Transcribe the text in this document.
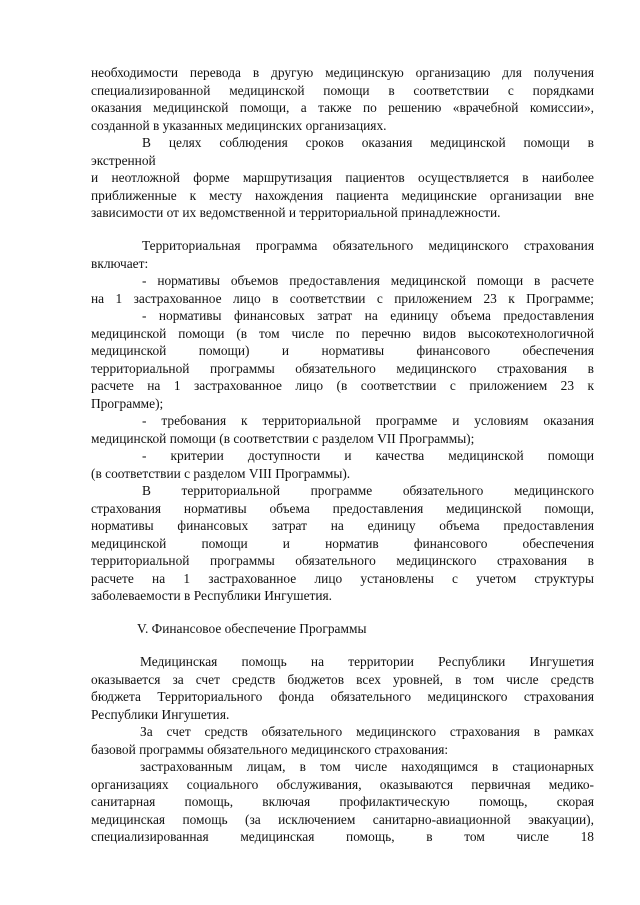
необходимости перевода в другую медицинскую организацию для получения
специализированной медицинской помощи в соответствии с порядками
оказания медицинской помощи, а также по решению «врачебной комиссии»,
созданной в указанных медицинских организациях.
В целях соблюдения сроков оказания медицинской помощи в
экстренной
и неотложной форме маршрутизация пациентов осуществляется в наиболее
приближенные к месту нахождения пациента медицинские организации вне
зависимости от их ведомственной и территориальной принадлежности.
Территориальная программа обязательного медицинского страхования
включает:
- нормативы объемов предоставления медицинской помощи в расчете
на 1 застрахованное лицо в соответствии с приложением 23 к Программе;
- нормативы финансовых затрат на единицу объема предоставления
медицинской помощи (в том числе по перечню видов высокотехнологичной
медицинской помощи) и нормативы финансового обеспечения
территориальной программы обязательного медицинского страхования в
расчете на 1 застрахованное лицо (в соответствии с приложением 23 к
Программе);
- требования к территориальной программе и условиям оказания
медицинской помощи (в соответствии с разделом VII Программы);
- критерии доступности и качества медицинской помощи
(в соответствии с разделом VIII Программы).
В территориальной программе обязательного медицинского
страхования нормативы объема предоставления медицинской помощи,
нормативы финансовых затрат на единицу объема предоставления
медицинской помощи и норматив финансового обеспечения
территориальной программы обязательного медицинского страхования в
расчете на 1 застрахованное лицо установлены с учетом структуры
заболеваемости в Республики Ингушетия.
V. Финансовое обеспечение Программы
Медицинская помощь на территории Республики Ингушетия
оказывается за счет средств бюджетов всех уровней, в том числе средств
бюджета Территориального фонда обязательного медицинского страхования
Республики Ингушетия.
За счет средств обязательного медицинского страхования в рамках
базовой программы обязательного медицинского страхования:
застрахованным лицам, в том числе находящимся в стационарных
организациях социального обслуживания, оказываются первичная медико-
санитарная помощь, включая профилактическую помощь, скорая
медицинская помощь (за исключением санитарно-авиационной эвакуации),
специализированная медицинская помощь, в том числе 18
